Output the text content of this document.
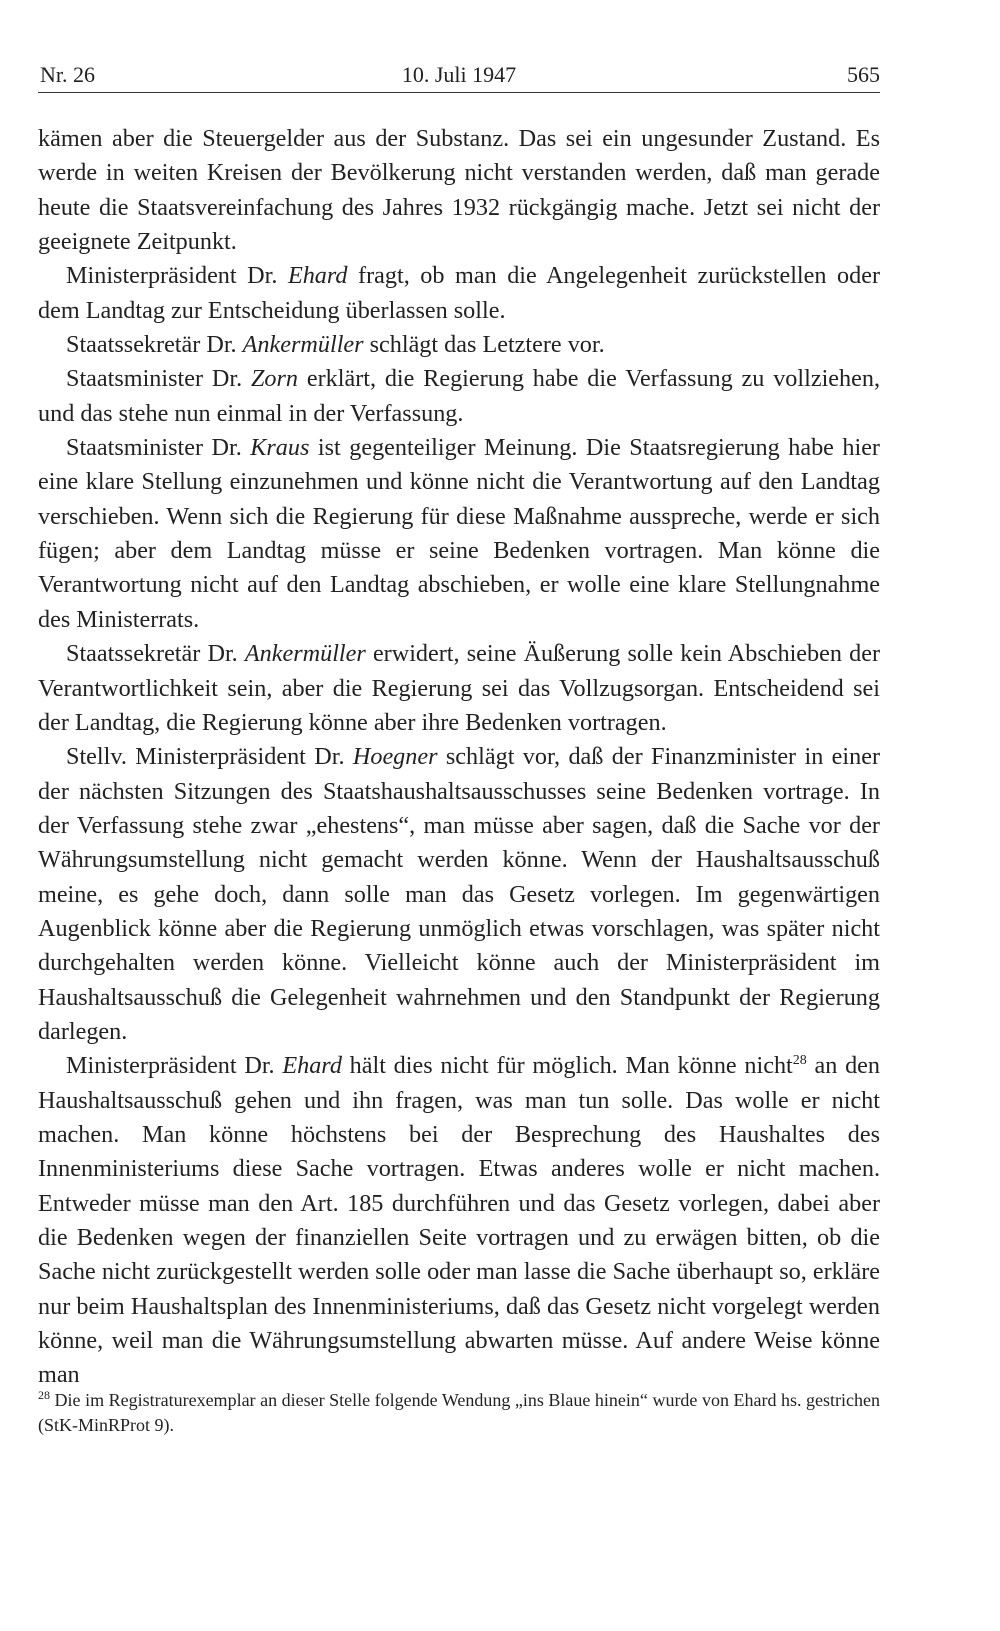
Nr. 26	10. Juli 1947	565

kämen aber die Steuergelder aus der Substanz. Das sei ein ungesunder Zustand. Es werde in weiten Kreisen der Bevölkerung nicht verstanden werden, daß man gerade heute die Staatsvereinfachung des Jahres 1932 rückgängig mache. Jetzt sei nicht der geeignete Zeitpunkt.

Ministerpräsident Dr. Ehard fragt, ob man die Angelegenheit zurückstellen oder dem Landtag zur Entscheidung überlassen solle.

Staatssekretär Dr. Ankermüller schlägt das Letztere vor.

Staatsminister Dr. Zorn erklärt, die Regierung habe die Verfassung zu vollziehen, und das stehe nun einmal in der Verfassung.

Staatsminister Dr. Kraus ist gegenteiliger Meinung. Die Staatsregierung habe hier eine klare Stellung einzunehmen und könne nicht die Verantwortung auf den Landtag verschieben. Wenn sich die Regierung für diese Maßnahme ausspreche, werde er sich fügen; aber dem Landtag müsse er seine Bedenken vortragen. Man könne die Verantwortung nicht auf den Landtag abschieben, er wolle eine klare Stellungnahme des Ministerrats.

Staatssekretär Dr. Ankermüller erwidert, seine Äußerung solle kein Abschieben der Verantwortlichkeit sein, aber die Regierung sei das Vollzugsorgan. Entscheidend sei der Landtag, die Regierung könne aber ihre Bedenken vortragen.

Stellv. Ministerpräsident Dr. Hoegner schlägt vor, daß der Finanzminister in einer der nächsten Sitzungen des Staatshaushaltsausschusses seine Bedenken vortrage. In der Verfassung stehe zwar „ehestens“, man müsse aber sagen, daß die Sache vor der Währungsumstellung nicht gemacht werden könne. Wenn der Haushaltsausschuß meine, es gehe doch, dann solle man das Gesetz vorlegen. Im gegenwärtigen Augenblick könne aber die Regierung unmöglich etwas vorschlagen, was später nicht durchgehalten werden könne. Vielleicht könne auch der Ministerpräsident im Haushaltsausschuß die Gelegenheit wahrnehmen und den Standpunkt der Regierung darlegen.

Ministerpräsident Dr. Ehard hält dies nicht für möglich. Man könne nicht$^{28}$ an den Haushaltsausschuß gehen und ihn fragen, was man tun solle. Das wolle er nicht machen. Man könne höchstens bei der Besprechung des Haushaltes des Innenministeriums diese Sache vortragen. Etwas anderes wolle er nicht machen. Entweder müsse man den Art. 185 durchführen und das Gesetz vorlegen, dabei aber die Bedenken wegen der finanziellen Seite vortragen und zu erwägen bitten, ob die Sache nicht zurückgestellt werden solle oder man lasse die Sache überhaupt so, erkläre nur beim Haushaltsplan des Innenministeriums, daß das Gesetz nicht vorgelegt werden könne, weil man die Währungsumstellung abwarten müsse. Auf andere Weise könne man

$^{28}$ Die im Registraturexemplar an dieser Stelle folgende Wendung „ins Blaue hinein“ wurde von Ehard hs. gestrichen (StK-MinRProt 9).
